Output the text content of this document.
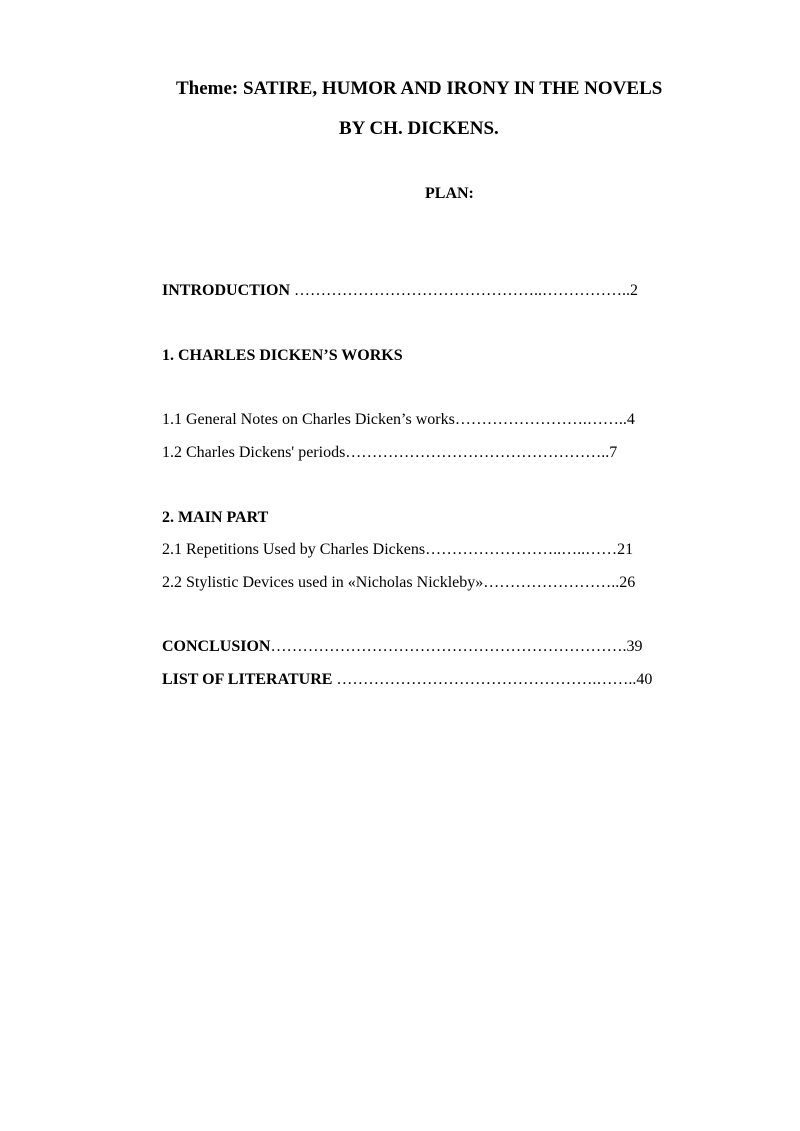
Theme: SATIRE, HUMOR AND IRONY IN THE NOVELS
BY CH. DICKENS.
PLAN:
INTRODUCTION ………………………………………..……………..2
1. CHARLES DICKEN’S WORKS
1.1 General Notes on Charles Dicken’s works…………………….……..4
1.2 Charles Dickens' periods…………………………………………..7
2. MAIN PART
2.1 Repetitions Used by Charles Dickens……………………..…..……21
2.2 Stylistic Devices used in «Nicholas Nickleby»……………………..26
CONCLUSION………………………………………………………….39
LIST OF LITERATURE ………………………………………….……..40
